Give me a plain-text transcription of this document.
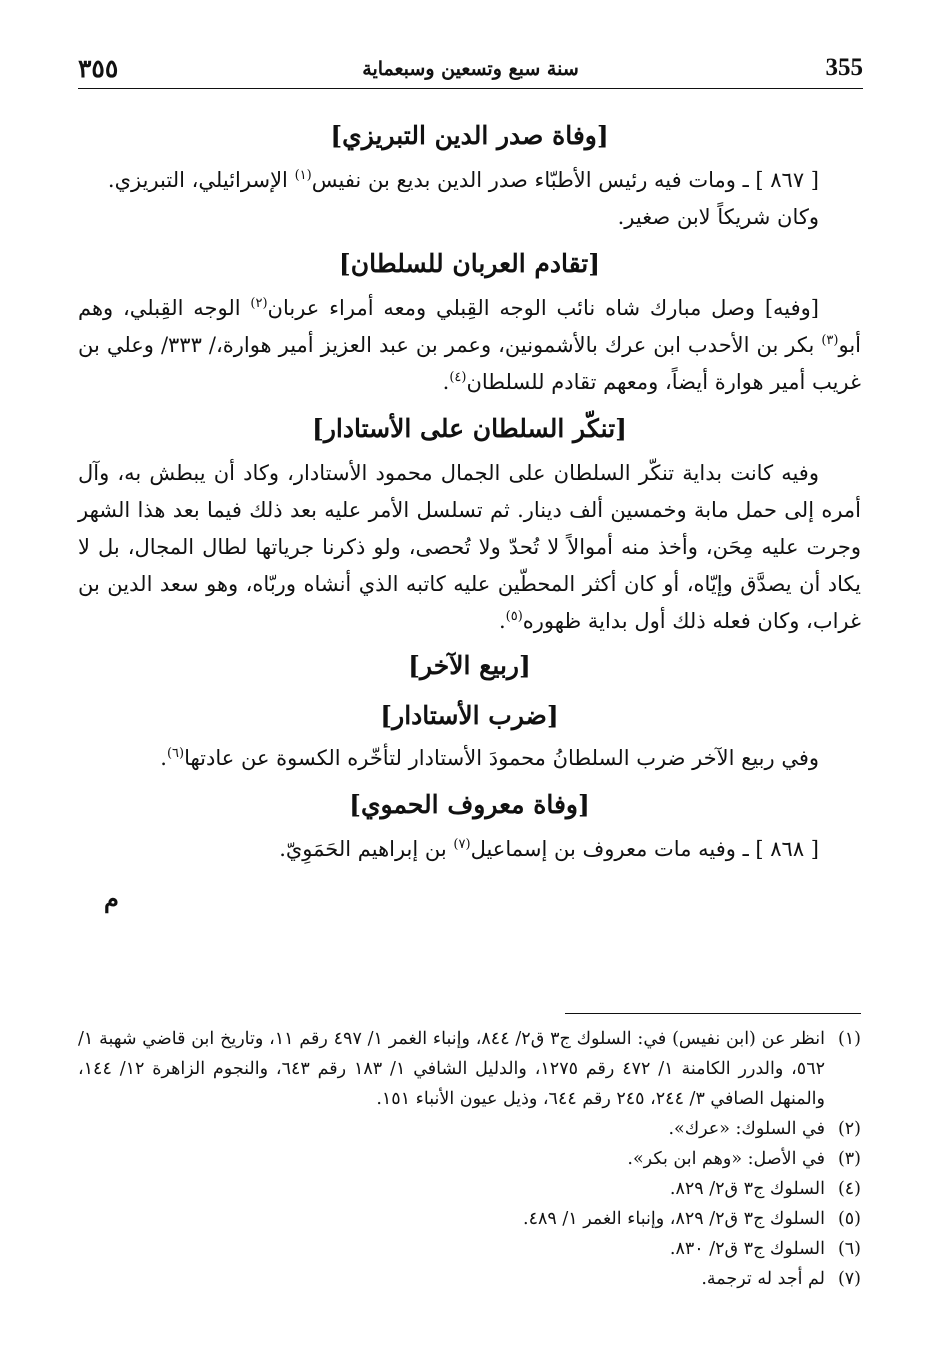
٣٥٥	سنة سبع وتسعين وسبعماية	355
[وفاة صدر الدين التبريزي]

[ ٨٦٧ ] ـ ومات فيه رئيس الأطبّاء صدر الدين بديع بن نفيس$^{(١)}$ الإسرائيلي، التبريزي.

وكان شريكاً لابن صغير.

[تقادم العربان للسلطان]

[وفيه] وصل مبارك شاه نائب الوجه القِبلي ومعه أمراء عربان$^{(٢)}$ الوجه القِبلي، وهم أبو$^{(٣)}$ بكر بن الأحدب ابن عرك بالأشمونين، وعمر بن عبد العزيز أمير هوارة،/ ٣٣٣/ وعلي بن غريب أمير هوارة أيضاً، ومعهم تقادم للسلطان$^{(٤)}$.

[تنكّر السلطان على الأستادار]

وفيه كانت بداية تنكّر السلطان على الجمال محمود الأستادار، وكاد أن يبطش به، وآل أمره إلى حمل مابة وخمسين ألف دينار. ثم تسلسل الأمر عليه بعد ذلك فيما بعد هذا الشهر وجرت عليه مِحَن، وأخذ منه أموالاً لا تُحدّ ولا تُحصى، ولو ذكرنا جرياتها لطال المجال، بل لا يكاد أن يصدَّق وإيّاه، أو كان أكثر المحطّين عليه كاتبه الذي أنشاه وربّاه، وهو سعد الدين بن غراب، وكان فعله ذلك أول بداية ظهوره$^{(٥)}$.

[ربيع الآخر]
[ضرب الأستادار]

وفي ربيع الآخر ضرب السلطانُ محمودَ الأستادار لتأخّره الكسوة عن عادتها$^{(٦)}$.

[وفاة معروف الحموي]

[ ٨٦٨ ] ـ وفيه مات معروف بن إسماعيل$^{(٧)}$ بن إبراهيم الحَمَوِيّ.

م

(١)
انظر عن (ابن نفيس) في: السلوك ج٣ ق٢/ ٨٤٤، وإنباء الغمر ١/ ٤٩٧ رقم ١١، وتاريخ ابن قاضي شهبة ١/ ٥٦٢، والدرر الكامنة ١/ ٤٧٢ رقم ١٢٧٥، والدليل الشافي ١/ ١٨٣ رقم ٦٤٣، والنجوم الزاهرة ١٢/ ١٤٤، والمنهل الصافي ٣/ ٢٤٤، ٢٤٥ رقم ٦٤٤، وذيل عيون الأنباء ١٥١.

(٢)
في السلوك: «عرك».

(٣)
في الأصل: «وهم ابن بكر».

(٤)
السلوك ج٣ ق٢/ ٨٢٩.

(٥)
السلوك ج٣ ق٢/ ٨٢٩، وإنباء الغمر ١/ ٤٨٩.

(٦)
السلوك ج٣ ق٢/ ٨٣٠.

(٧)
لم أجد له ترجمة.
